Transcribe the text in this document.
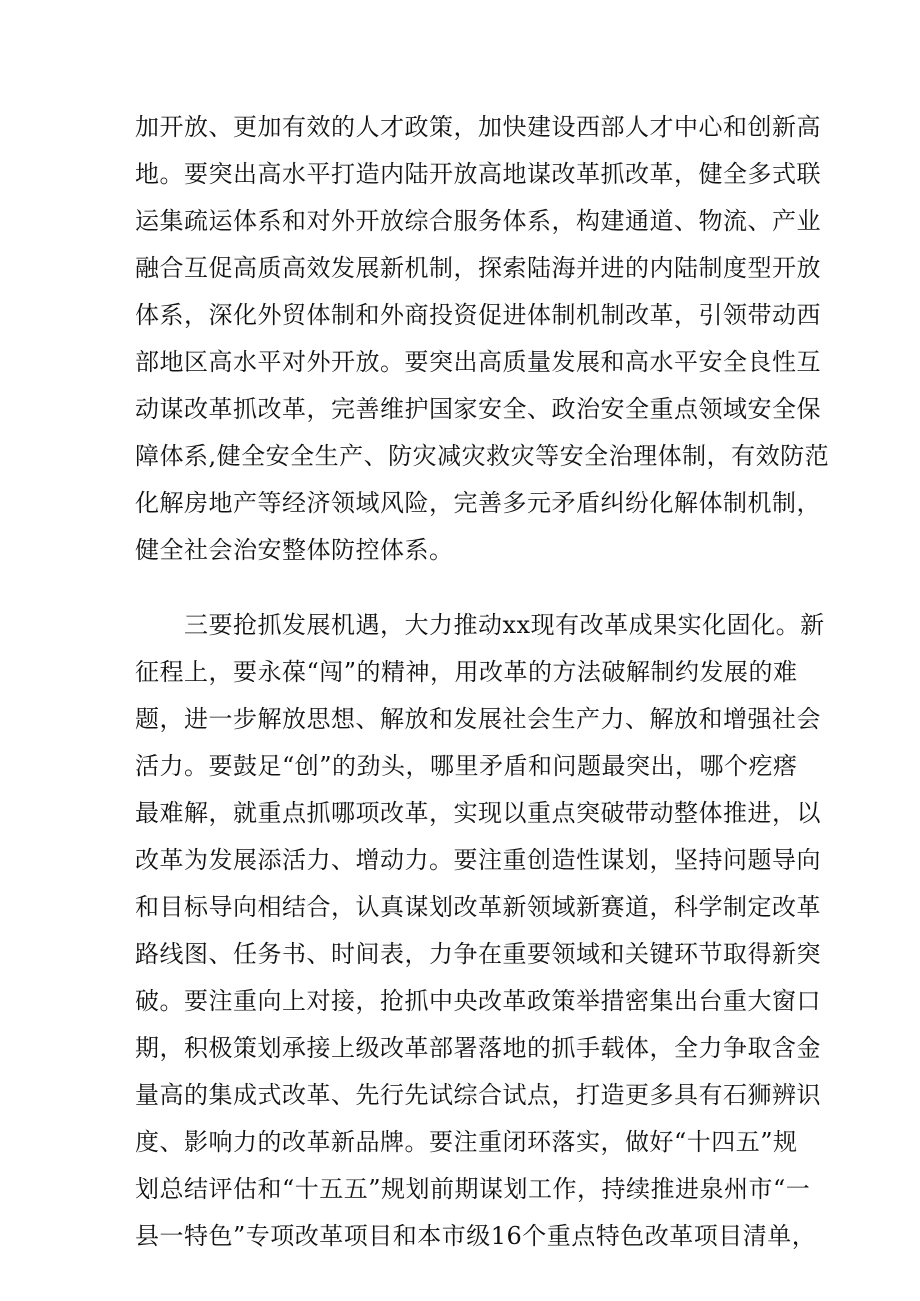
加开放、更加有效的人才政策，加快建设西部人才中心和创新高
地。要突出高水平打造内陆开放高地谋改革抓改革，健全多式联
运集疏运体系和对外开放综合服务体系，构建通道、物流、产业
融合互促高质高效发展新机制，探索陆海并进的内陆制度型开放
体系，深化外贸体制和外商投资促进体制机制改革，引领带动西
部地区高水平对外开放。要突出高质量发展和高水平安全良性互
动谋改革抓改革，完善维护国家安全、政治安全重点领域安全保
障体系,健全安全生产、防灾减灾救灾等安全治理体制，有效防范
化解房地产等经济领域风险，完善多元矛盾纠纷化解体制机制，
健全社会治安整体防控体系。
　　三要抢抓发展机遇，大力推动xx现有改革成果实化固化。新
征程上，要永葆“闯”的精神，用改革的方法破解制约发展的难
题，进一步解放思想、解放和发展社会生产力、解放和增强社会
活力。要鼓足“创”的劲头，哪里矛盾和问题最突出，哪个疙瘩
最难解，就重点抓哪项改革，实现以重点突破带动整体推进，以
改革为发展添活力、增动力。要注重创造性谋划，坚持问题导向
和目标导向相结合，认真谋划改革新领域新赛道，科学制定改革
路线图、任务书、时间表，力争在重要领域和关键环节取得新突
破。要注重向上对接，抢抓中央改革政策举措密集出台重大窗口
期，积极策划承接上级改革部署落地的抓手载体，全力争取含金
量高的集成式改革、先行先试综合试点，打造更多具有石狮辨识
度、影响力的改革新品牌。要注重闭环落实，做好“十四五”规
划总结评估和“十五五”规划前期谋划工作，持续推进泉州市“一
县一特色”专项改革项目和本市级16个重点特色改革项目清单，
